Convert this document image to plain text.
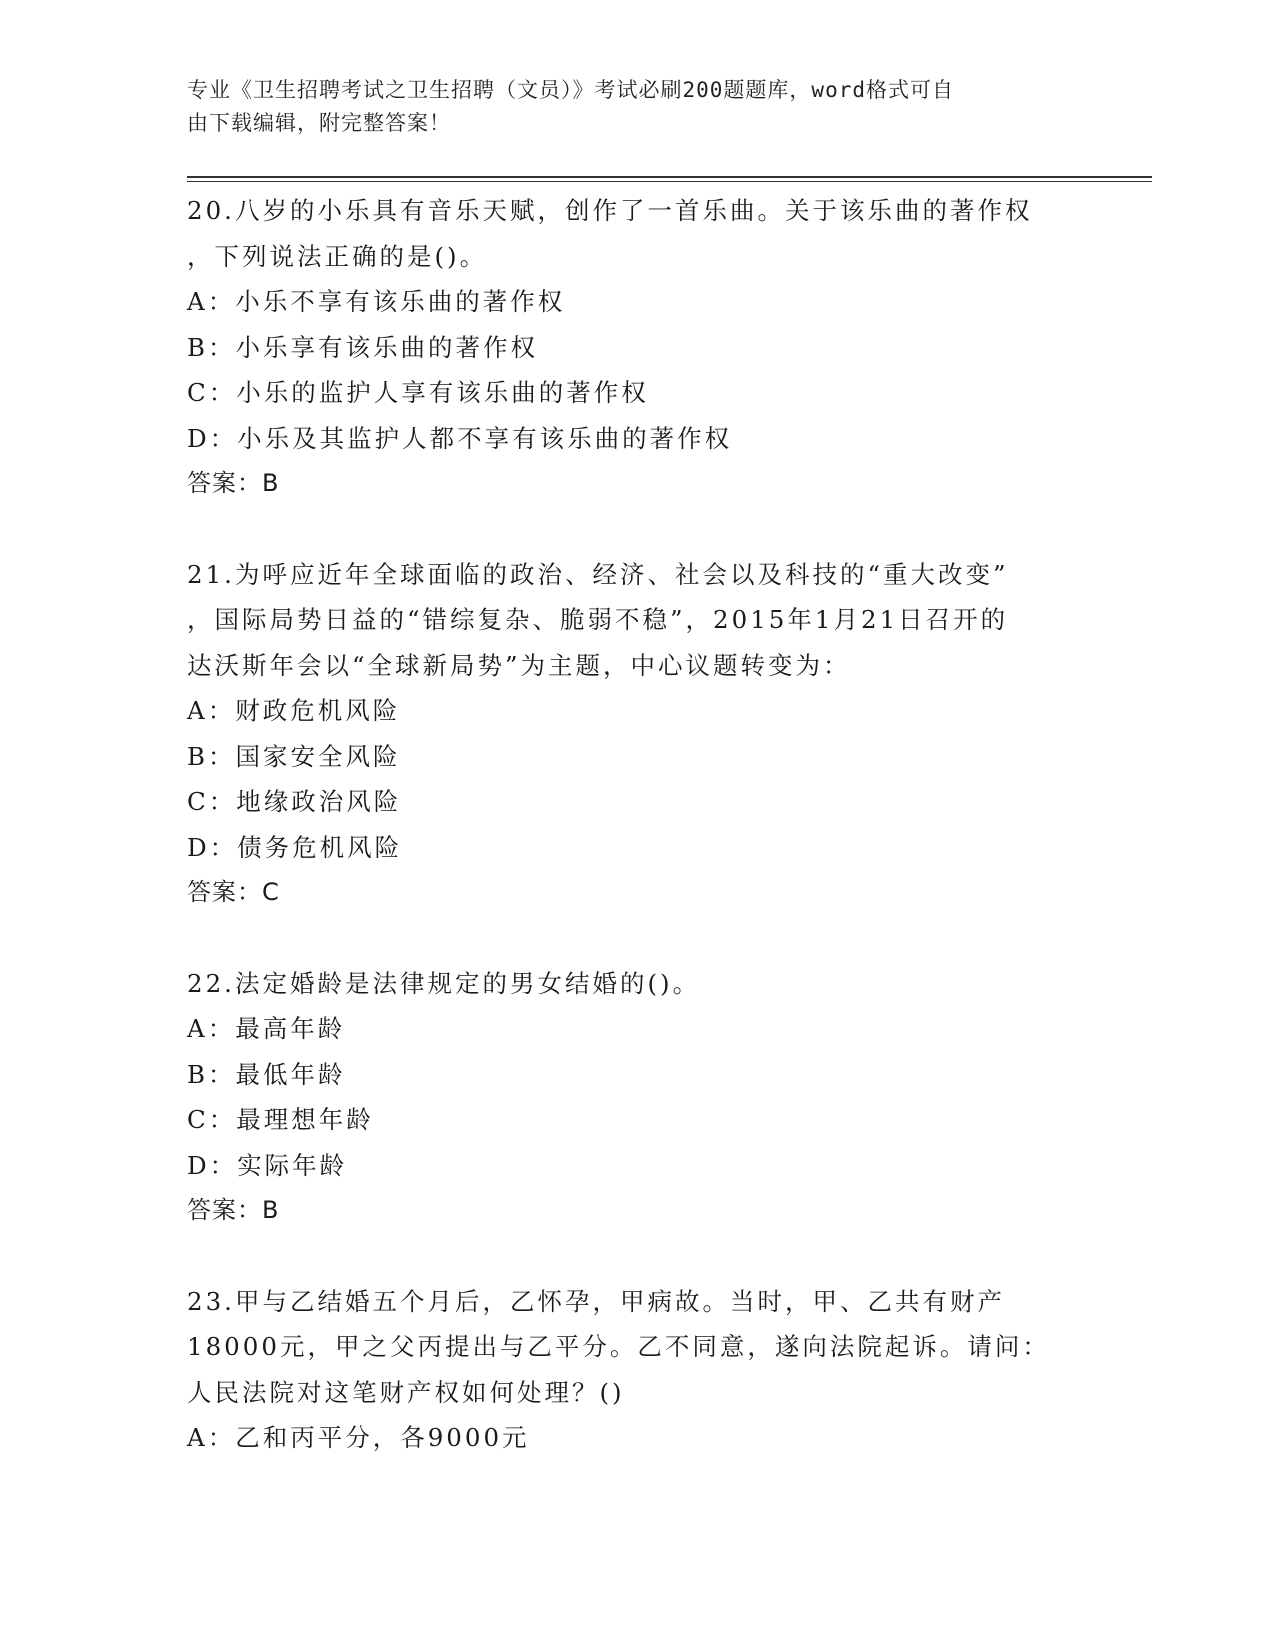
专业《卫生招聘考试之卫生招聘（文员）》考试必刷200题题库，word格式可自
由下载编辑，附完整答案！
20.八岁的小乐具有音乐天赋，创作了一首乐曲。关于该乐曲的著作权
，下列说法正确的是()。
A：小乐不享有该乐曲的著作权
B：小乐享有该乐曲的著作权
C：小乐的监护人享有该乐曲的著作权
D：小乐及其监护人都不享有该乐曲的著作权
答案：B
21.为呼应近年全球面临的政治、经济、社会以及科技的“重大改变”
，国际局势日益的“错综复杂、脆弱不稳”，2015年1月21日召开的
达沃斯年会以“全球新局势”为主题，中心议题转变为：
A：财政危机风险
B：国家安全风险
C：地缘政治风险
D：债务危机风险
答案：C
22.法定婚龄是法律规定的男女结婚的()。
A：最高年龄
B：最低年龄
C：最理想年龄
D：实际年龄
答案：B
23.甲与乙结婚五个月后，乙怀孕，甲病故。当时，甲、乙共有财产
18000元，甲之父丙提出与乙平分。乙不同意，遂向法院起诉。请问：
人民法院对这笔财产权如何处理？()
A：乙和丙平分，各9000元
